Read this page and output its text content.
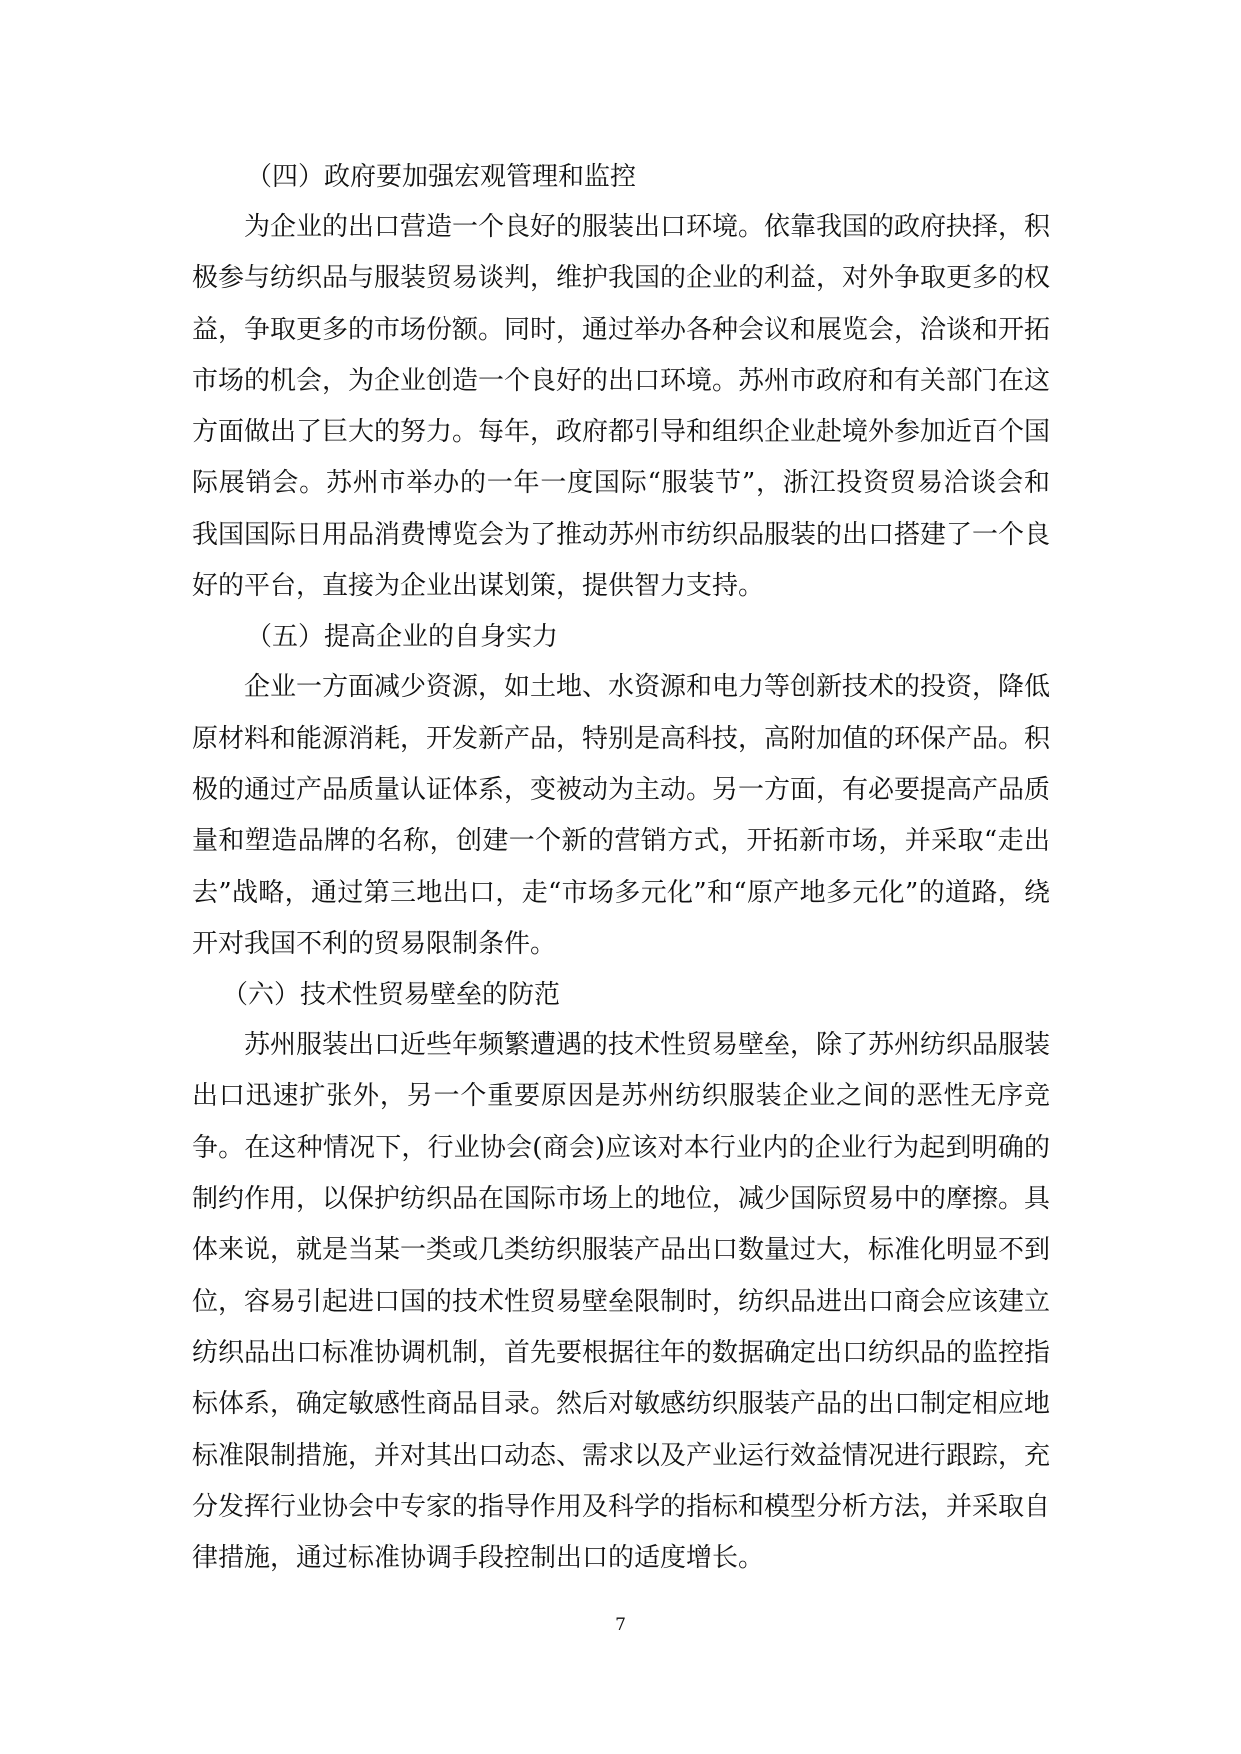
（四）政府要加强宏观管理和监控

为企业的出口营造一个良好的服装出口环境。依靠我国的政府抉择，积极参与纺织品与服装贸易谈判，维护我国的企业的利益，对外争取更多的权益，争取更多的市场份额。同时，通过举办各种会议和展览会，洽谈和开拓市场的机会，为企业创造一个良好的出口环境。苏州市政府和有关部门在这方面做出了巨大的努力。每年，政府都引导和组织企业赴境外参加近百个国际展销会。苏州市举办的一年一度国际“服装节”，浙江投资贸易洽谈会和我国国际日用品消费博览会为了推动苏州市纺织品服装的出口搭建了一个良好的平台，直接为企业出谋划策，提供智力支持。

（五）提高企业的自身实力

企业一方面减少资源，如土地、水资源和电力等创新技术的投资，降低原材料和能源消耗，开发新产品，特别是高科技，高附加值的环保产品。积极的通过产品质量认证体系，变被动为主动。另一方面，有必要提高产品质量和塑造品牌的名称，创建一个新的营销方式，开拓新市场，并采取“走出去”战略，通过第三地出口，走“市场多元化”和“原产地多元化”的道路，绕开对我国不利的贸易限制条件。

（六）技术性贸易壁垒的防范

苏州服装出口近些年频繁遭遇的技术性贸易壁垒，除了苏州纺织品服装出口迅速扩张外，另一个重要原因是苏州纺织服装企业之间的恶性无序竞争。在这种情况下，行业协会(商会)应该对本行业内的企业行为起到明确的制约作用，以保护纺织品在国际市场上的地位，减少国际贸易中的摩擦。具体来说，就是当某一类或几类纺织服装产品出口数量过大，标准化明显不到位，容易引起进口国的技术性贸易壁垒限制时，纺织品进出口商会应该建立纺织品出口标准协调机制，首先要根据往年的数据确定出口纺织品的监控指标体系，确定敏感性商品目录。然后对敏感纺织服装产品的出口制定相应地标准限制措施，并对其出口动态、需求以及产业运行效益情况进行跟踪，充分发挥行业协会中专家的指导作用及科学的指标和模型分析方法，并采取自律措施，通过标准协调手段控制出口的适度增长。

7
